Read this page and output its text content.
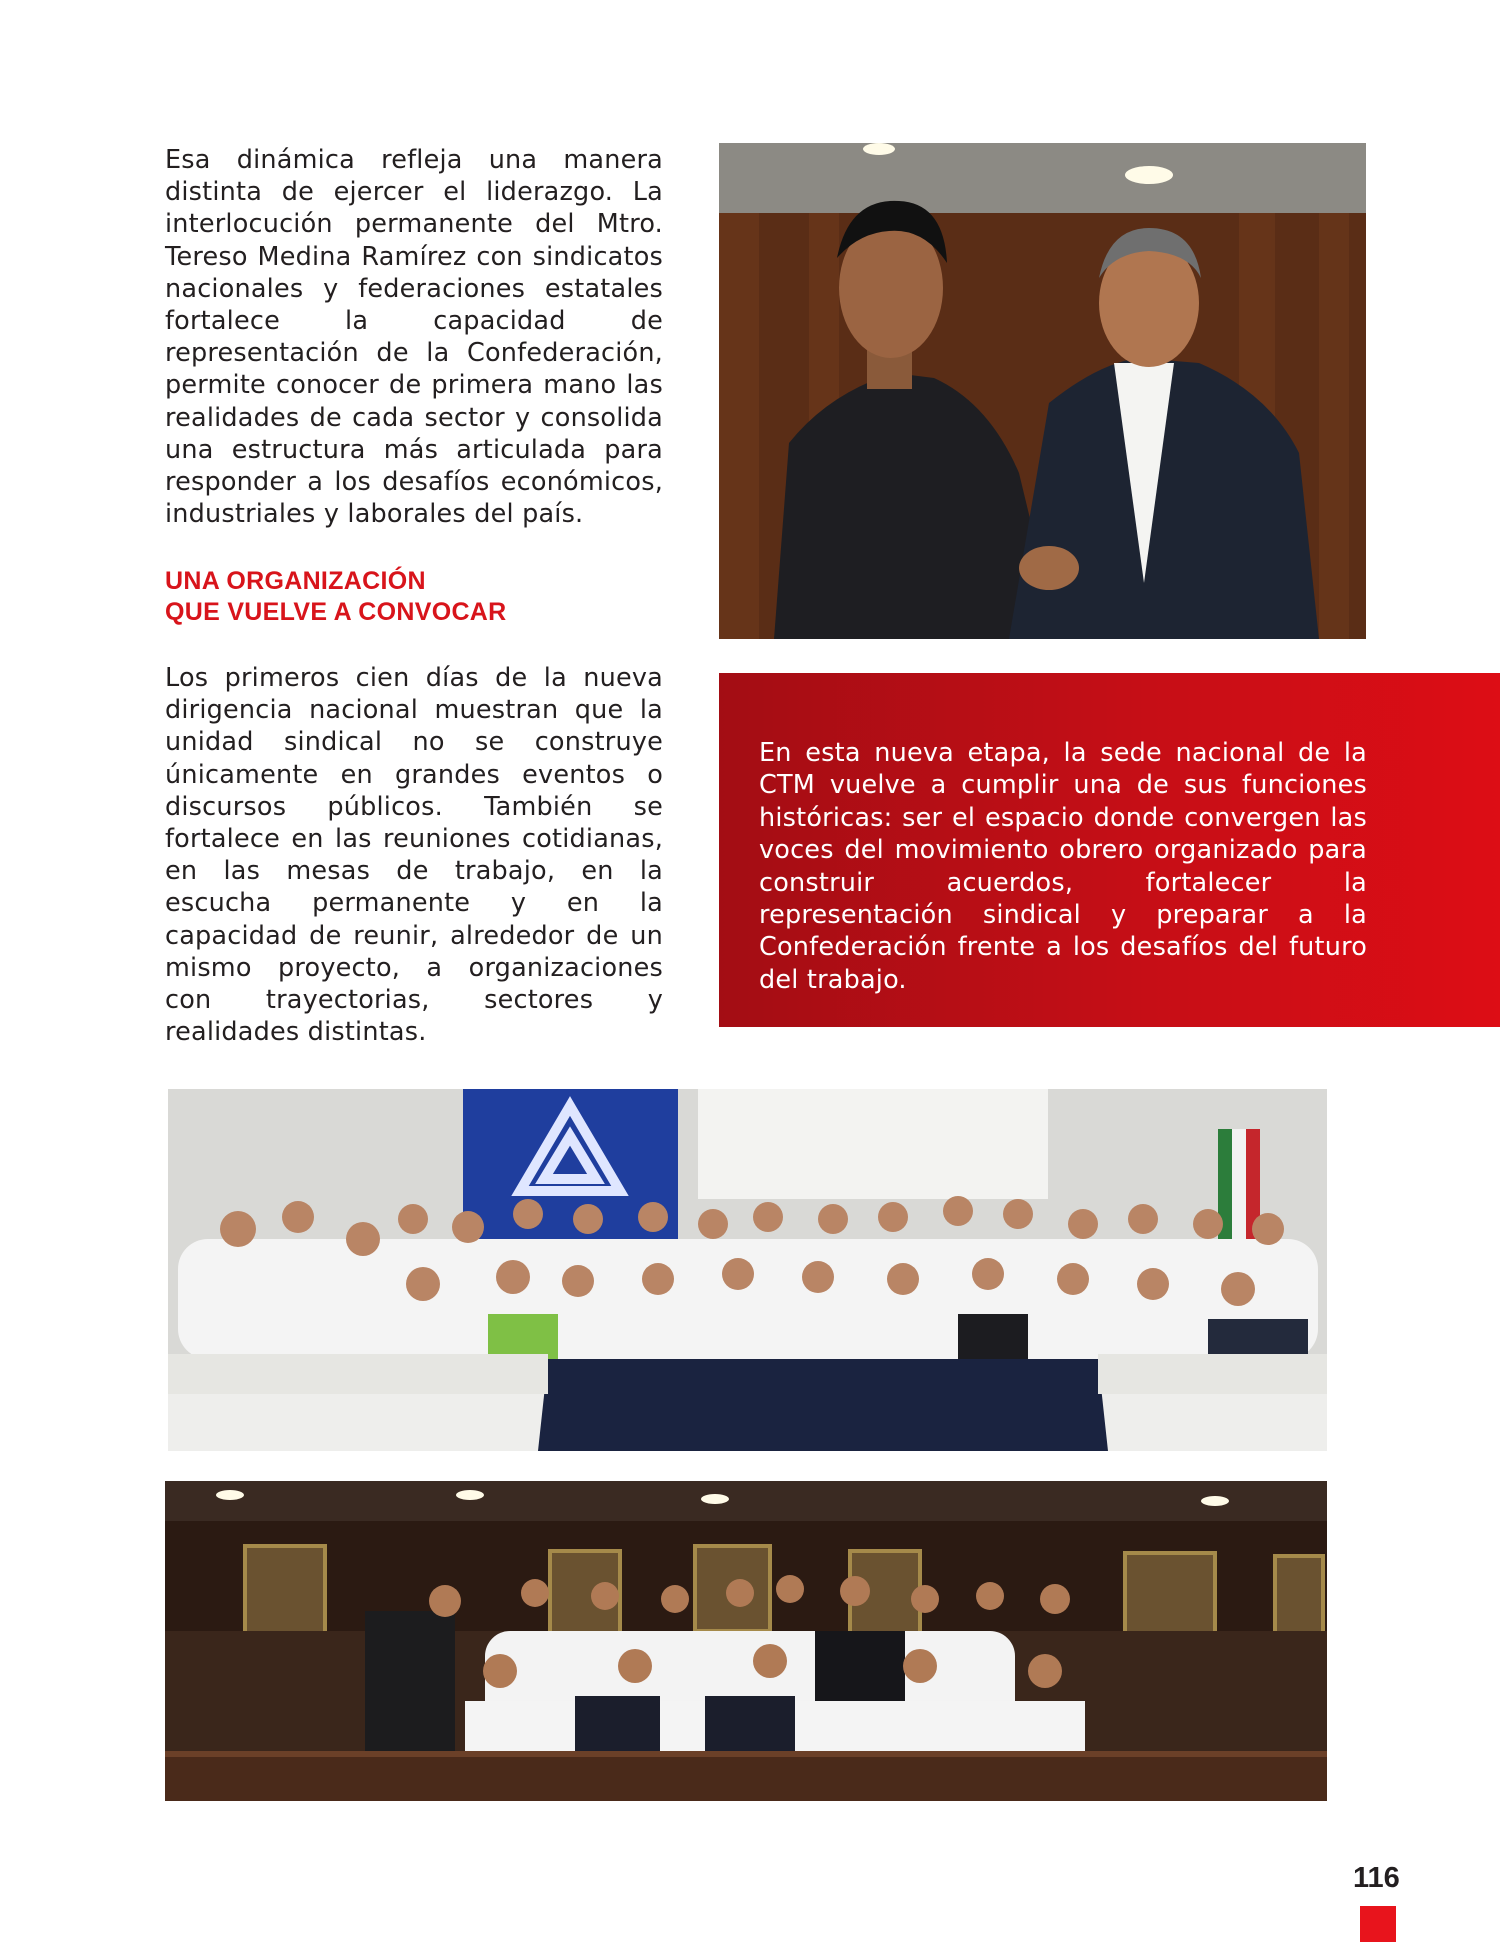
Esa dinámica refleja una manera distinta de ejercer el liderazgo. La interlocución permanente del Mtro. Tereso Medina Ramírez con sindicatos nacionales y federaciones estatales fortalece la capacidad de representación de la Confederación, permite conocer de primera mano las realidades de cada sector y consolida una estructura más articulada para responder a los desafíos económicos, industriales y laborales del país.

UNA ORGANIZACIÓN
QUE VUELVE A CONVOCAR

Los primeros cien días de la nueva dirigencia nacional muestran que la unidad sindical no se construye únicamente en grandes eventos o discursos públicos. También se fortalece en las reuniones cotidianas, en las mesas de trabajo, en la escucha permanente y en la capacidad de reunir, alrededor de un mismo proyecto, a organizaciones con trayectorias, sectores y realidades distintas.

En esta nueva etapa, la sede nacional de la CTM vuelve a cumplir una de sus funciones históricas: ser el espacio donde convergen las voces del movimiento obrero organizado para construir acuerdos, fortalecer la representación sindical y preparar a la Confederación frente a los desafíos del futuro del trabajo.

116
